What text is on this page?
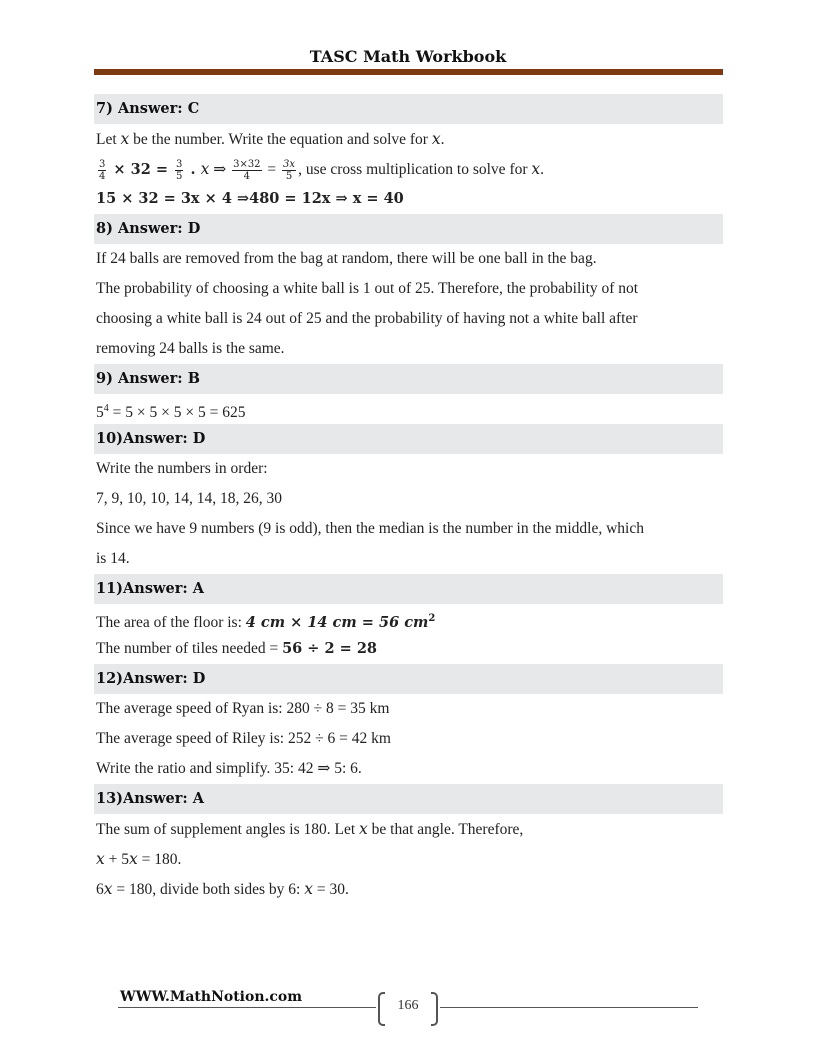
TASC Math Workbook
7) Answer: C
Let x be the number. Write the equation and solve for x.
$\frac{3}{4} \times 32 = \frac{3}{5}$ . x ⇒ $\frac{3\times 32}{4} = \frac{3x}{5}$ , use cross multiplication to solve for x.
15 × 32 = 3x × 4 ⇒480 = 12x ⇒ x = 40
8) Answer: D
If 24 balls are removed from the bag at random, there will be one ball in the bag.
The probability of choosing a white ball is 1 out of 25. Therefore, the probability of not
choosing a white ball is 24 out of 25 and the probability of having not a white ball after
removing 24 balls is the same.
9) Answer: B
$5^4 = 5 \times 5 \times 5 \times 5 = 625$
10)Answer: D
Write the numbers in order:
7, 9, 10, 10, 14, 14, 18, 26, 30
Since we have 9 numbers (9 is odd), then the median is the number in the middle, which
is 14.
11)Answer: A
The area of the floor is: 4 cm × 14 cm = 56 $cm^2$
The number of tiles needed = 56 ÷ 2 = 28
12)Answer: D
The average speed of Ryan is: 280 ÷ 8 = 35 km
The average speed of Riley is: 252 ÷ 6 = 42 km
Write the ratio and simplify. 35: 42 ⇒ 5: 6.
13)Answer: A
The sum of supplement angles is 180. Let x be that angle. Therefore,
x + 5x = 180.
6x = 180, divide both sides by 6: x = 30.
WWW.MathNotion.com
166
